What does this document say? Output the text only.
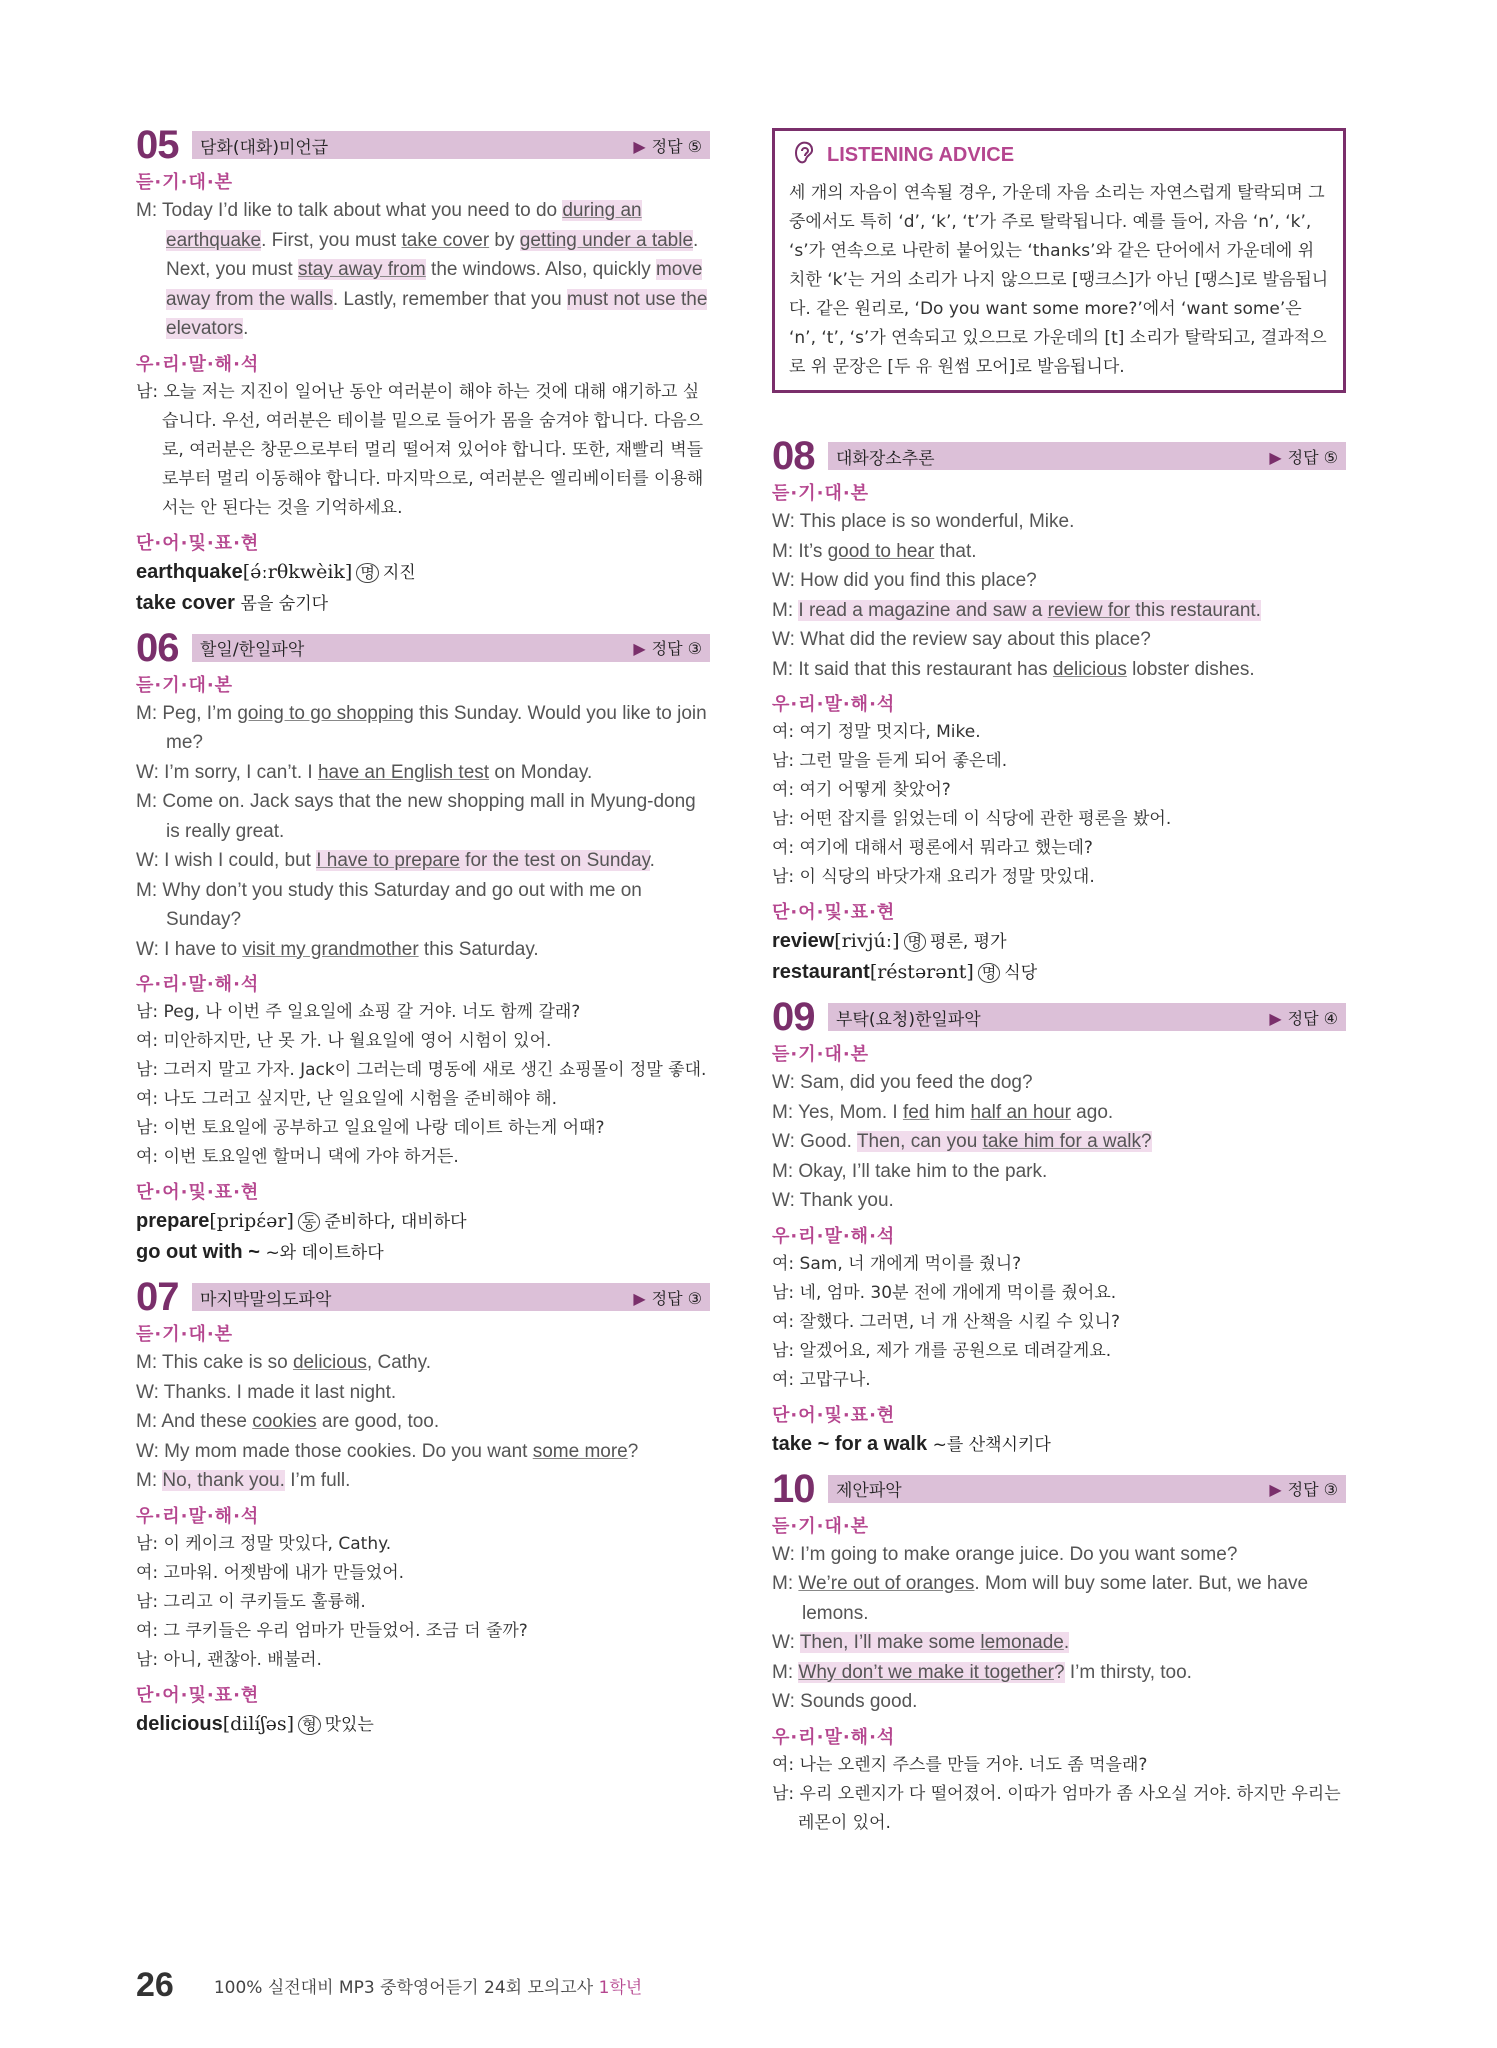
05	담화(대화)미언급	▶ 정답 ⑤
듣·기·대·본
M: Today I’d like to talk about what you need to do during an earthquake. First, you must take cover by getting under a table. Next, you must stay away from the windows. Also, quickly move away from the walls. Lastly, remember that you must not use the elevators.
우·리·말·해·석
남: 오늘 저는 지진이 일어난 동안 여러분이 해야 하는 것에 대해 얘기하고 싶습니다. 우선, 여러분은 테이블 밑으로 들어가 몸을 숨겨야 합니다. 다음으로, 여러분은 창문으로부터 멀리 떨어져 있어야 합니다. 또한, 재빨리 벽들로부터 멀리 이동해야 합니다. 마지막으로, 여러분은 엘리베이터를 이용해서는 안 된다는 것을 기억하세요.
단·어·및·표·현
earthquake[ə́ːrθkwèik] 명 지진
take cover 몸을 숨기다
06	할일/한일파악	▶ 정답 ③
듣·기·대·본
M: Peg, I’m going to go shopping this Sunday. Would you like to join me?
W: I’m sorry, I can’t. I have an English test on Monday.
M: Come on. Jack says that the new shopping mall in Myung-dong is really great.
W: I wish I could, but I have to prepare for the test on Sunday.
M: Why don’t you study this Saturday and go out with me on Sunday?
W: I have to visit my grandmother this Saturday.
우·리·말·해·석
남: Peg, 나 이번 주 일요일에 쇼핑 갈 거야. 너도 함께 갈래?
여: 미안하지만, 난 못 가. 나 월요일에 영어 시험이 있어.
남: 그러지 말고 가자. Jack이 그러는데 명동에 새로 생긴 쇼핑몰이 정말 좋대.
여: 나도 그러고 싶지만, 난 일요일에 시험을 준비해야 해.
남: 이번 토요일에 공부하고 일요일에 나랑 데이트 하는게 어때?
여: 이번 토요일엔 할머니 댁에 가야 하거든.
단·어·및·표·현
prepare[pripέər] 동 준비하다, 대비하다
go out with ~ ~와 데이트하다
07	마지막말의도파악	▶ 정답 ③
듣·기·대·본
M: This cake is so delicious, Cathy.
W: Thanks. I made it last night.
M: And these cookies are good, too.
W: My mom made those cookies. Do you want some more?
M: No, thank you. I’m full.
우·리·말·해·석
남: 이 케이크 정말 맛있다, Cathy.
여: 고마워. 어젯밤에 내가 만들었어.
남: 그리고 이 쿠키들도 훌륭해.
여: 그 쿠키들은 우리 엄마가 만들었어. 조금 더 줄까?
남: 아니, 괜찮아. 배불러.
단·어·및·표·현
delicious[dilíʃəs] 형 맛있는
LISTENING ADVICE
세 개의 자음이 연속될 경우, 가운데 자음 소리는 자연스럽게 탈락되며 그 중에서도 특히 ‘d’, ‘k’, ‘t’가 주로 탈락됩니다. 예를 들어, 자음 ‘n’, ‘k’, ‘s’가 연속으로 나란히 붙어있는 ‘thanks’와 같은 단어에서 가운데에 위치한 ‘k’는 거의 소리가 나지 않으므로 [땡크스]가 아닌 [땡스]로 발음됩니다. 같은 원리로, ‘Do you want some more?’에서 ‘want some’은 ‘n’, ‘t’, ‘s’가 연속되고 있으므로 가운데의 [t] 소리가 탈락되고, 결과적으로 위 문장은 [두 유 원썸 모어]로 발음됩니다.
08	대화장소추론	▶ 정답 ⑤
듣·기·대·본
W: This place is so wonderful, Mike.
M: It’s good to hear that.
W: How did you find this place?
M: I read a magazine and saw a review for this restaurant.
W: What did the review say about this place?
M: It said that this restaurant has delicious lobster dishes.
우·리·말·해·석
여: 여기 정말 멋지다, Mike.
남: 그런 말을 듣게 되어 좋은데.
여: 여기 어떻게 찾았어?
남: 어떤 잡지를 읽었는데 이 식당에 관한 평론을 봤어.
여: 여기에 대해서 평론에서 뭐라고 했는데?
남: 이 식당의 바닷가재 요리가 정말 맛있대.
단·어·및·표·현
review[rivjúː] 명 평론, 평가
restaurant[réstərənt] 명 식당
09	부탁(요청)한일파악	▶ 정답 ④
듣·기·대·본
W: Sam, did you feed the dog?
M: Yes, Mom. I fed him half an hour ago.
W: Good. Then, can you take him for a walk?
M: Okay, I’ll take him to the park.
W: Thank you.
우·리·말·해·석
여: Sam, 너 개에게 먹이를 줬니?
남: 네, 엄마. 30분 전에 개에게 먹이를 줬어요.
여: 잘했다. 그러면, 너 개 산책을 시킬 수 있니?
남: 알겠어요, 제가 개를 공원으로 데려갈게요.
여: 고맙구나.
단·어·및·표·현
take ~ for a walk ~를 산책시키다
10	제안파악	▶ 정답 ③
듣·기·대·본
W: I’m going to make orange juice. Do you want some?
M: We’re out of oranges. Mom will buy some later. But, we have lemons.
W: Then, I’ll make some lemonade.
M: Why don’t we make it together? I’m thirsty, too.
W: Sounds good.
우·리·말·해·석
여: 나는 오렌지 주스를 만들 거야. 너도 좀 먹을래?
남: 우리 오렌지가 다 떨어졌어. 이따가 엄마가 좀 사오실 거야. 하지만 우리는 레몬이 있어.
26 100% 실전대비 MP3 중학영어듣기 24회 모의고사 1학년
